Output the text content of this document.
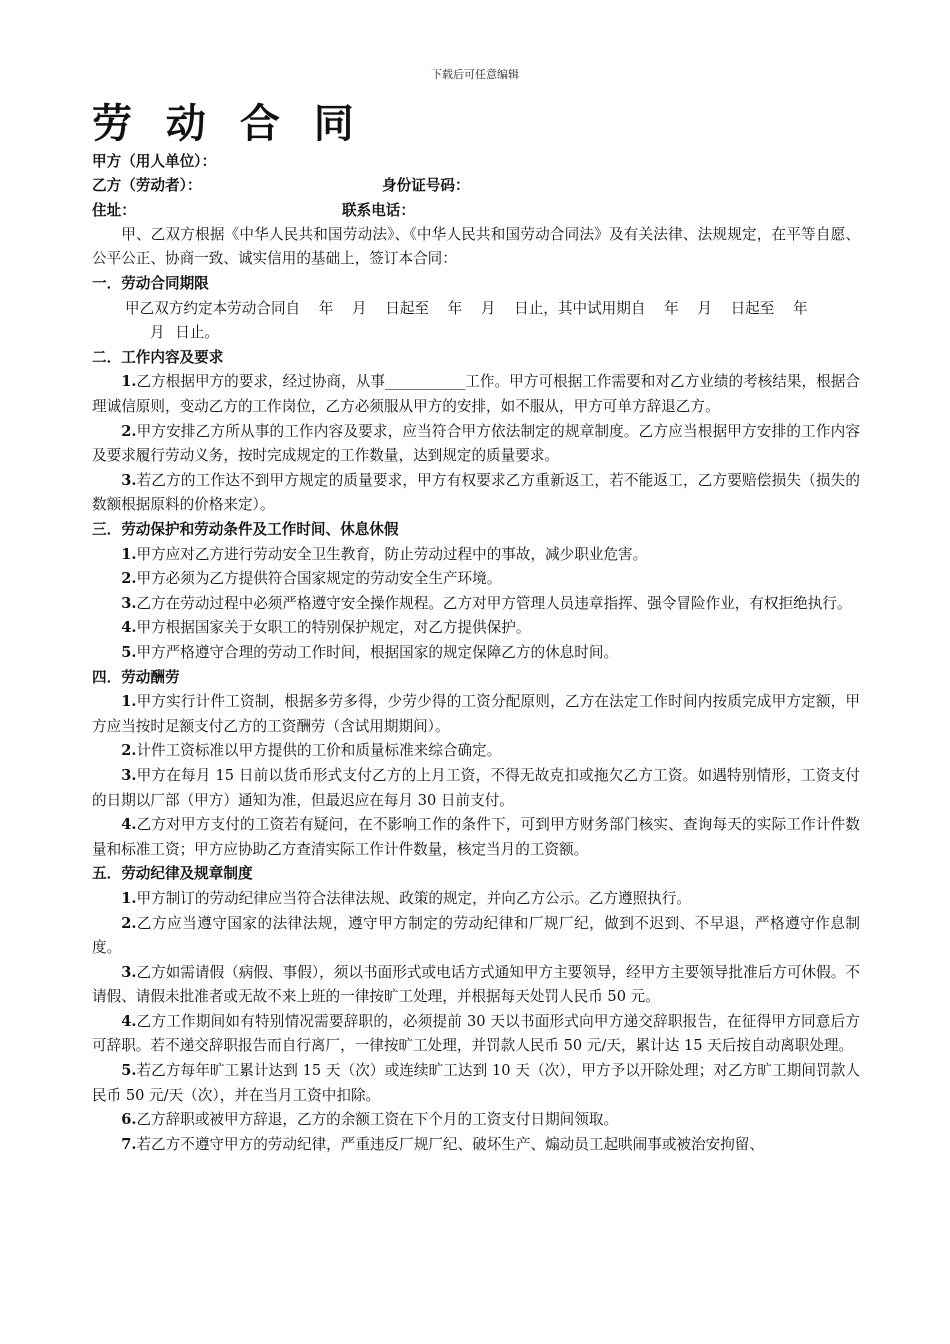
下载后可任意编辑
劳 动 合 同
甲方（用人单位）：
乙方（劳动者）：	身份证号码：
住址：	联系电话：

甲、乙双方根据《中华人民共和国劳动法》、《中华人民共和国劳动合同法》及有关法律、法规规定，在平等自愿、公平公正、协商一致、诚实信用的基础上，签订本合同：

一．劳动合同期限

甲乙双方约定本劳动合同自 年 月 日起至 年 月 日止，其中试用期自 年 月 日起至 年
月 日止。

二．工作内容及要求

1.乙方根据甲方的要求，经过协商，从事___________工作。甲方可根据工作需要和对乙方业绩的考核结果，根据合理诚信原则，变动乙方的工作岗位，乙方必须服从甲方的安排，如不服从，甲方可单方辞退乙方。

2.甲方安排乙方所从事的工作内容及要求，应当符合甲方依法制定的规章制度。乙方应当根据甲方安排的工作内容及要求履行劳动义务，按时完成规定的工作数量，达到规定的质量要求。

3.若乙方的工作达不到甲方规定的质量要求，甲方有权要求乙方重新返工，若不能返工，乙方要赔偿损失（损失的数额根据原料的价格来定）。

三．劳动保护和劳动条件及工作时间、休息休假

1.甲方应对乙方进行劳动安全卫生教育，防止劳动过程中的事故，减少职业危害。

2.甲方必须为乙方提供符合国家规定的劳动安全生产环境。

3.乙方在劳动过程中必须严格遵守安全操作规程。乙方对甲方管理人员违章指挥、强令冒险作业，有权拒绝执行。

4.甲方根据国家关于女职工的特别保护规定，对乙方提供保护。

5.甲方严格遵守合理的劳动工作时间，根据国家的规定保障乙方的休息时间。

四．劳动酬劳

1.甲方实行计件工资制，根据多劳多得，少劳少得的工资分配原则，乙方在法定工作时间内按质完成甲方定额，甲方应当按时足额支付乙方的工资酬劳（含试用期期间）。

2.计件工资标准以甲方提供的工价和质量标准来综合确定。

3.甲方在每月 15 日前以货币形式支付乙方的上月工资，不得无故克扣或拖欠乙方工资。如遇特别情形，工资支付的日期以厂部（甲方）通知为准，但最迟应在每月 30 日前支付。

4.乙方对甲方支付的工资若有疑问，在不影响工作的条件下，可到甲方财务部门核实、查询每天的实际工作计件数量和标准工资；甲方应协助乙方查清实际工作计件数量，核定当月的工资额。

五．劳动纪律及规章制度

1.甲方制订的劳动纪律应当符合法律法规、政策的规定，并向乙方公示。乙方遵照执行。

2.乙方应当遵守国家的法律法规，遵守甲方制定的劳动纪律和厂规厂纪，做到不迟到、不早退，严格遵守作息制度。

3.乙方如需请假（病假、事假），须以书面形式或电话方式通知甲方主要领导，经甲方主要领导批准后方可休假。不请假、请假未批准者或无故不来上班的一律按旷工处理，并根据每天处罚人民币 50 元。

4.乙方工作期间如有特别情况需要辞职的，必须提前 30 天以书面形式向甲方递交辞职报告，在征得甲方同意后方可辞职。若不递交辞职报告而自行离厂，一律按旷工处理，并罚款人民币 50 元/天，累计达 15 天后按自动离职处理。

5.若乙方每年旷工累计达到 15 天（次）或连续旷工达到 10 天（次），甲方予以开除处理；对乙方旷工期间罚款人民币 50 元/天（次），并在当月工资中扣除。

6.乙方辞职或被甲方辞退，乙方的余额工资在下个月的工资支付日期间领取。

7.若乙方不遵守甲方的劳动纪律，严重违反厂规厂纪、破坏生产、煽动员工起哄闹事或被治安拘留、
